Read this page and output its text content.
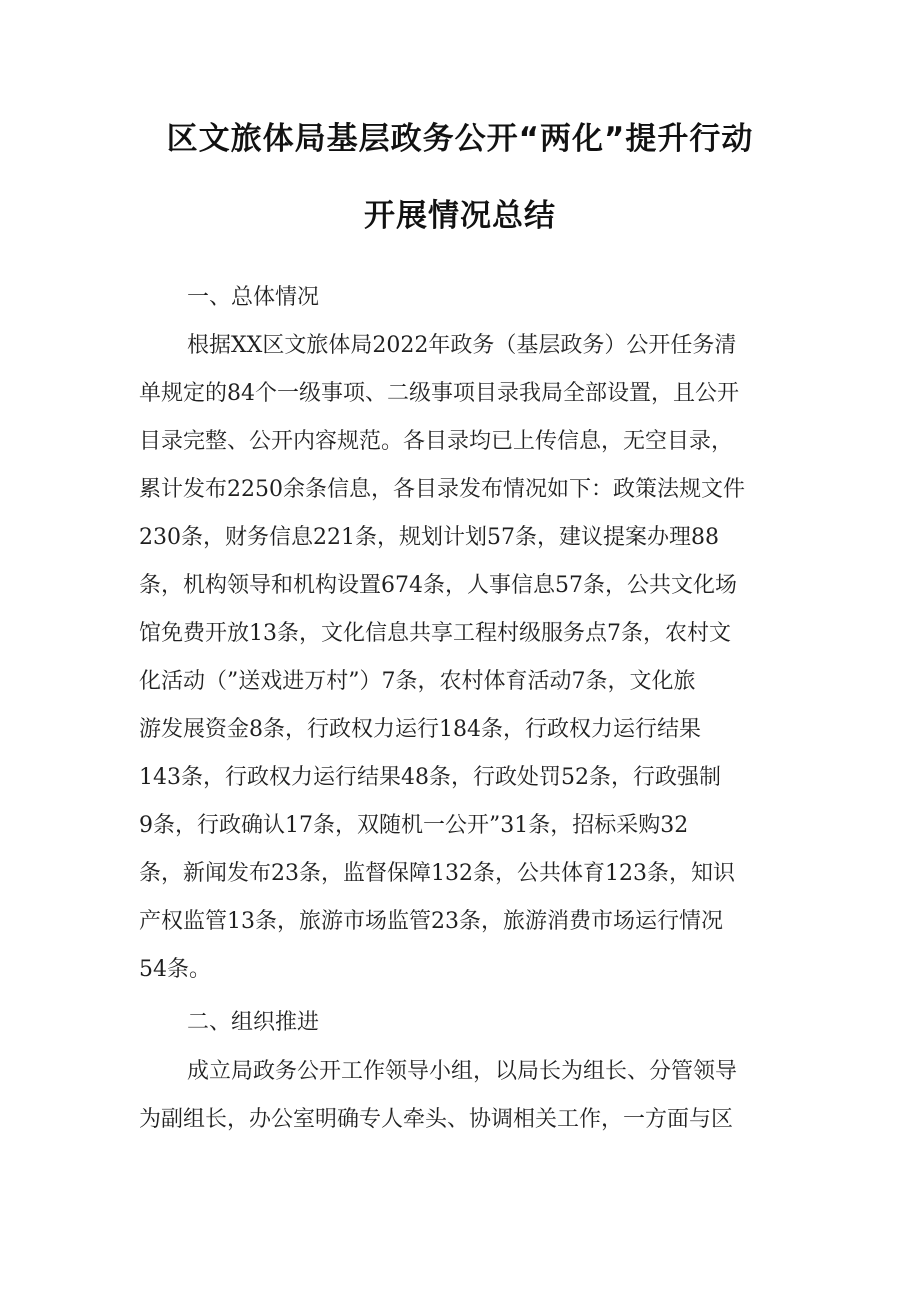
区文旅体局基层政务公开“两化”提升行动
开展情况总结
一、总体情况
根据XX区文旅体局2022年政务（基层政务）公开任务清
单规定的84个一级事项、二级事项目录我局全部设置，且公开
目录完整、公开内容规范。各目录均已上传信息，无空目录，
累计发布2250余条信息，各目录发布情况如下：政策法规文件
230条，财务信息221条，规划计划57条，建议提案办理88
条，机构领导和机构设置674条，人事信息57条，公共文化场
馆免费开放13条，文化信息共享工程村级服务点7条，农村文
化活动（”送戏进万村”）7条，农村体育活动7条，文化旅
游发展资金8条，行政权力运行184条，行政权力运行结果
143条，行政权力运行结果48条，行政处罚52条，行政强制
9条，行政确认17条，双随机一公开”31条，招标采购32
条，新闻发布23条，监督保障132条，公共体育123条，知识
产权监管13条，旅游市场监管23条，旅游消费市场运行情况
54条。
二、组织推进
成立局政务公开工作领导小组，以局长为组长、分管领导
为副组长，办公室明确专人牵头、协调相关工作，一方面与区
